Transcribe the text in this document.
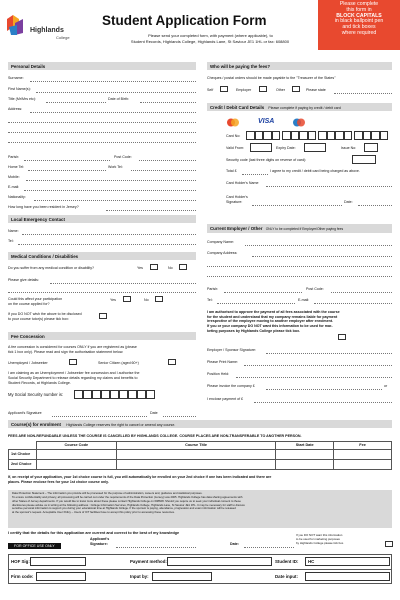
Highlands
College
Student Application Form
Please send your completed form, with payment (where applicable), to
Student Records, Highlands College, Highlands Lane, St Saviour JE1 1HL or fax: 608800
Please complete
this form in
BLOCK CAPITALS
in black ballpoint pen
and tick boxes
where required
Personal Details
Surname:
First Name(s):
Title (Mr/Mrs etc):	Date of Birth:
Address:
Parish:	Post Code:
Home Tel:	Work Tel:
Mobile:
E-mail:
Nationality:
How long have you been resident in Jersey?
Local Emergency Contact
Name:
Tel:
Medical Conditions / Disabilities
Do you suffer from any medical condition or disability?	Yes	No
Please give details:
Could this affect your participation
on the course applied for?
Yes	No
If you DO NOT wish the above to be disclosed
to your course tutor(s) please tick box:
Fee Concession
A fee concession is considered for courses ONLY if you are registered as (please
tick 1 box only). Please read and sign the authorisation statement below.
Unemployed / Jobseeker	Senior Citizen (aged 60+)
I am claiming as an Unemployment / Jobseeker fee concession and I authorise the
Social Security Department to release details regarding my claims and benefits to
Student Records, at Highlands College.
My Social Security number is:
Applicant's Signature	Date
Who will be paying the fees?
Cheques / postal orders should be made payable to the "Treasurer of the States"
Self	Employer	Other	Please state
Credit / Debit Card Details Please complete if paying by credit / debit card
VISA
Card No:
Valid From:	Expiry Date:	Issue No:
Security code (last three digits on reverse of card):
Total £	I agree to my credit / debit card being charged as above.
Card Holder's Name
Card Holder's
Signature:	Date:
Current Employer / Other ONLY to be completed if Employer/Other paying fees
Company Name:
Company Address:
Parish:	Post Code:
Tel:	E-mail:
I am authorised to approve the payment of all fees associated with the course
for the student and understand that my company remains liable for payment
irrespective of the employee moving to another employer after enrolment.
If you or your company DO NOT want this information to be used for mar-
keting purposes by Highlands College please tick box.
Employer / Sponsor Signature:
Please Print Name:
Position Held:
Please invoice the company £	or
I enclose payment of £
Course(s) for enrolment Highlands College reserves the right to cancel or amend any course.
FEES ARE NON-REFUNDABLE UNLESS THE COURSE IS CANCELLED BY HIGHLANDS COLLEGE. COURSE PLACES ARE NON-TRANSFERABLE TO ANOTHER PERSON.
	Course Code	Course Title	Start Date	Fee
1st Choice				
2nd Choice				
If, on receipt of your application, your 1st choice course is full, you will automatically be enrolled on your 2nd choice if one has been indicated and there are
places. Please enclose fees for your 1st choice course only.
Data Protection Statement – The information you provide will be processed for the purpose of administration, careers and, guidance and statistical purposes.
To ensure confidentiality and privacy, all processing will be carried out under the requirements of the Data Protection (Jersey) Law 2005. Highlands College has data sharing agreements with
other States of Jersey departments. If you would like to know more about these please contact Highlands College on 608608. Should you require us to seek your individual consent to these
disclosures please advise us in writing at the following address : College Information Services, Highlands College, Highlands Lane, St Saviour JE1 1HL. It may be necessary for staff to discuss
sensitive personal information to support you during your educational time at Highlands College. If the sponsor is paying, attendance, progression and exam information will be released
at the sponsor's request. Acceptable User Policy – Users of ICT facilities have to accept this policy prior to accessing these resources.
I certify that the details for this application are current and correct to the best of my knowledge
FOR OFFICE USE ONLY
Applicant's
Signature:	Date:
If you DO NOT want this information
to be used for marketing purposes
by Highlands College please tick box.
HOF Sig:	Payment method:	Student ID: HC
Firm code:	Input by:	Date input:
